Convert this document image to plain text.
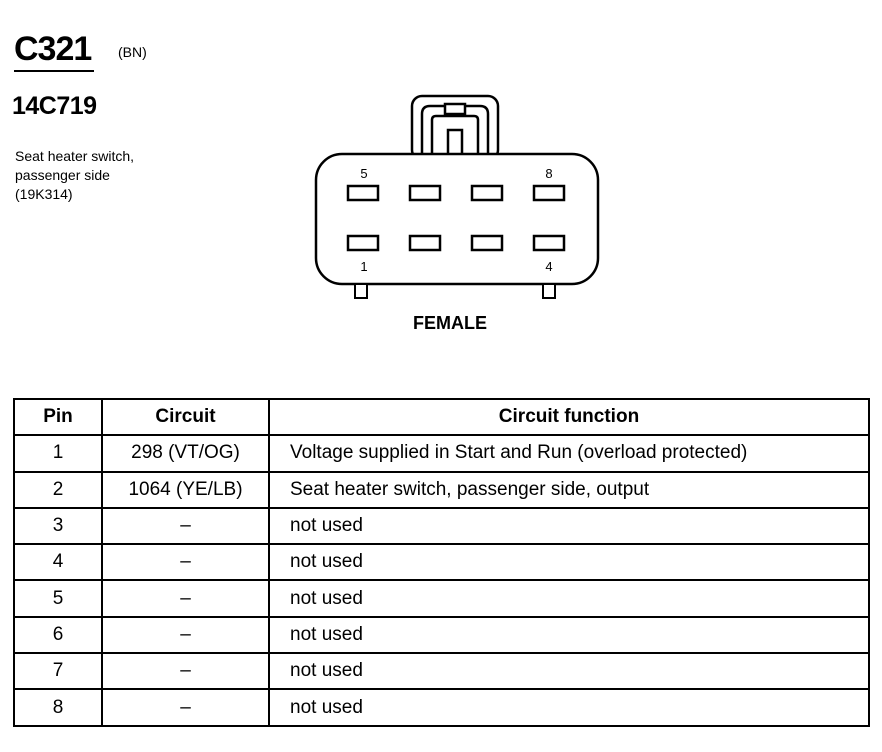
C321 (BN)
14C719
Seat heater switch,
passenger side
(19K314)
5	8
1	4
FEMALE
Pin	Circuit	Circuit function
1	298 (VT/OG)	Voltage supplied in Start and Run (overload protected)
2	1064 (YE/LB)	Seat heater switch, passenger side, output
3	–	not used
4	–	not used
5	–	not used
6	–	not used
7	–	not used
8	–	not used
